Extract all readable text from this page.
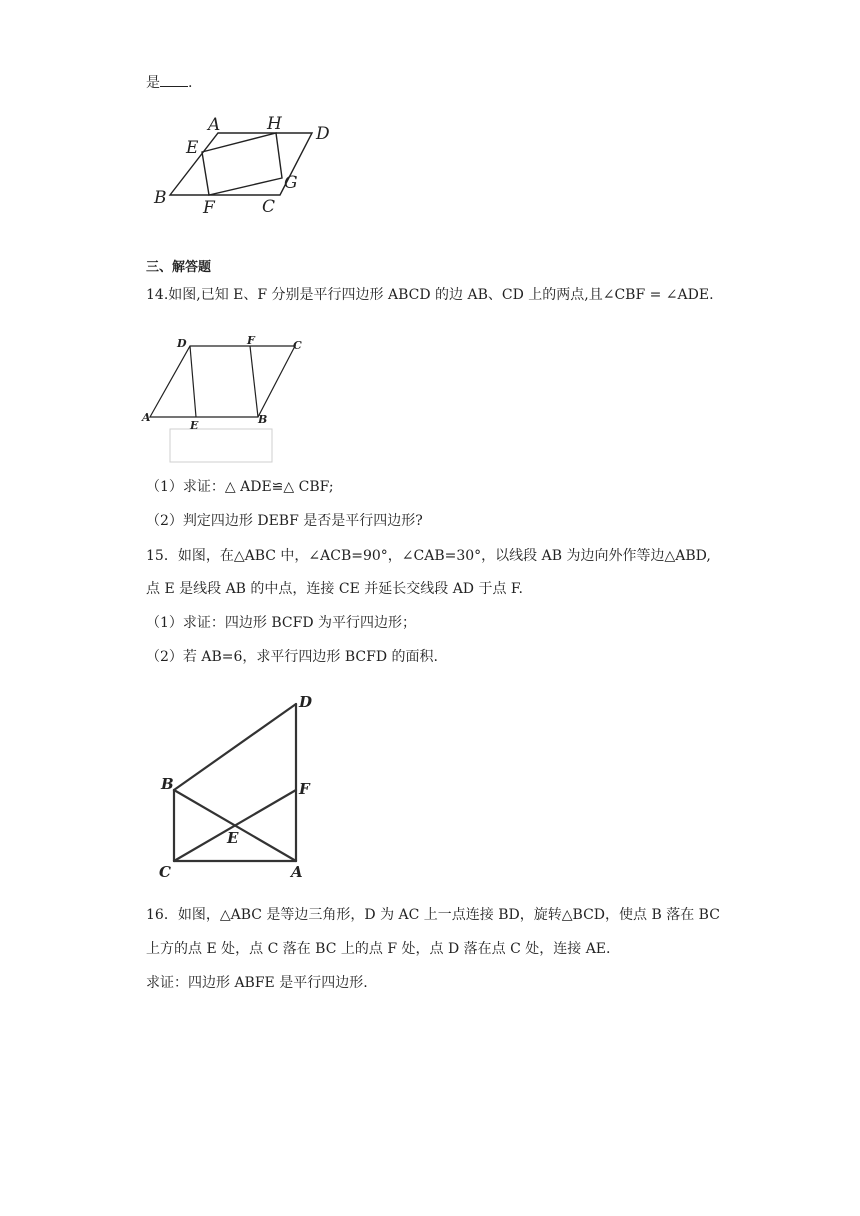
是 .
A	H D
E
B F	C
G
三、解答题
14.如图,已知 E、F 分别是平行四边形 ABCD 的边 AB、CD 上的两点,且∠CBF = ∠ADE.
D	F	C
A
E	B
（1）求证：△ ADE≌△ CBF;
（2）判定四边形 DEBF 是否是平行四边形?
15．如图，在△ABC 中，∠ACB=90°，∠CAB=30°，以线段 AB 为边向外作等边△ABD,
点 E 是线段 AB 的中点，连接 CE 并延长交线段 AD 于点 F.
（1）求证：四边形 BCFD 为平行四边形；
（2）若 AB=6，求平行四边形 BCFD 的面积.
D
B	F
E
C	A
16．如图，△ABC 是等边三角形，D 为 AC 上一点连接 BD，旋转△BCD，使点 B 落在 BC
上方的点 E 处，点 C 落在 BC 上的点 F 处，点 D 落在点 C 处，连接 AE.
求证：四边形 ABFE 是平行四边形.
